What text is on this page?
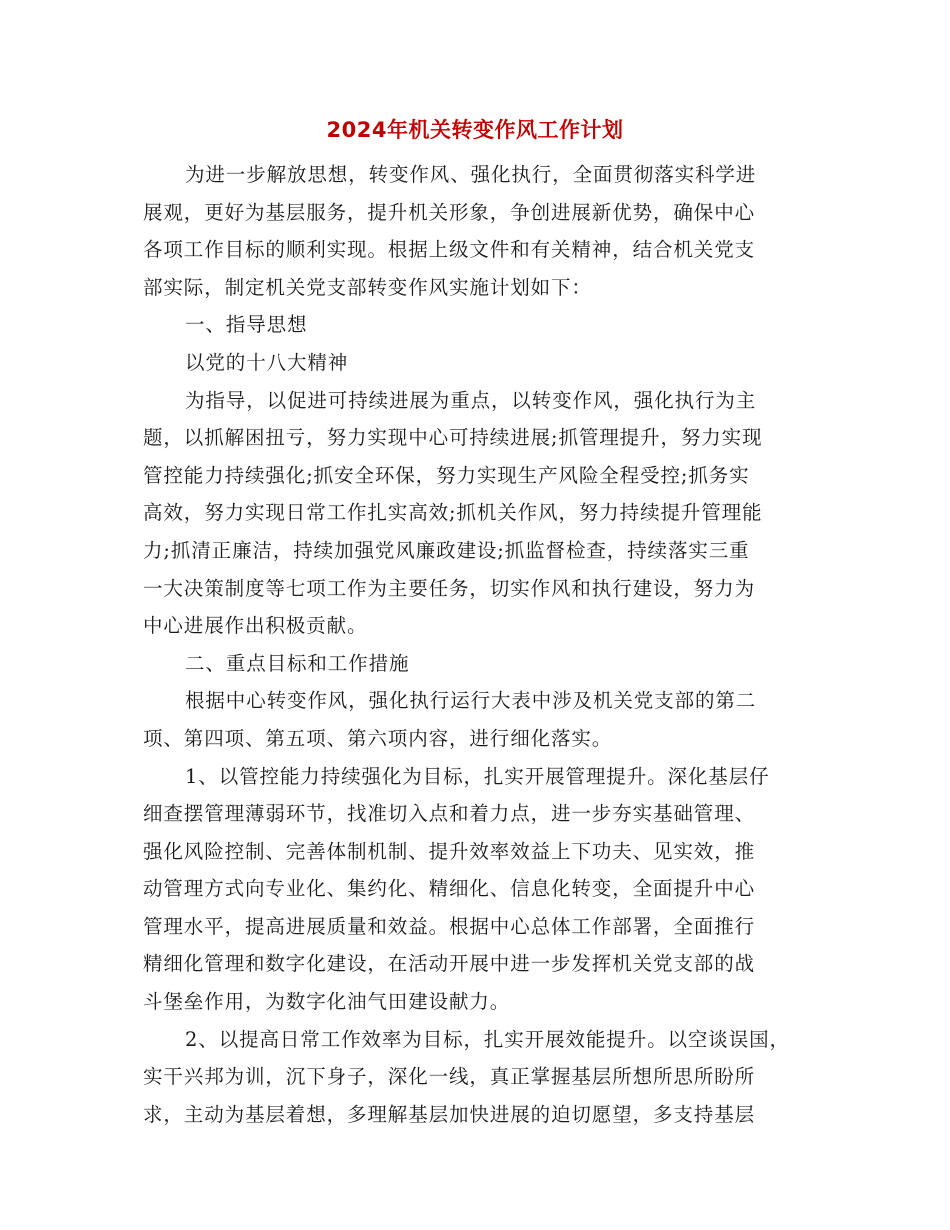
2024年机关转变作风工作计划
为进一步解放思想，转变作风、强化执行，全面贯彻落实科学进
展观，更好为基层服务，提升机关形象，争创进展新优势，确保中心
各项工作目标的顺利实现。根据上级文件和有关精神，结合机关党支
部实际，制定机关党支部转变作风实施计划如下：
一、指导思想
以党的十八大精神
为指导，以促进可持续进展为重点，以转变作风，强化执行为主
题，以抓解困扭亏，努力实现中心可持续进展;抓管理提升，努力实现
管控能力持续强化;抓安全环保，努力实现生产风险全程受控;抓务实
高效，努力实现日常工作扎实高效;抓机关作风，努力持续提升管理能
力;抓清正廉洁，持续加强党风廉政建设;抓监督检查，持续落实三重
一大决策制度等七项工作为主要任务，切实作风和执行建设，努力为
中心进展作出积极贡献。
二、重点目标和工作措施
根据中心转变作风，强化执行运行大表中涉及机关党支部的第二
项、第四项、第五项、第六项内容，进行细化落实。
1、以管控能力持续强化为目标，扎实开展管理提升。深化基层仔
细查摆管理薄弱环节，找准切入点和着力点，进一步夯实基础管理、
强化风险控制、完善体制机制、提升效率效益上下功夫、见实效，推
动管理方式向专业化、集约化、精细化、信息化转变，全面提升中心
管理水平，提高进展质量和效益。根据中心总体工作部署，全面推行
精细化管理和数字化建设，在活动开展中进一步发挥机关党支部的战
斗堡垒作用，为数字化油气田建设献力。
2、以提高日常工作效率为目标，扎实开展效能提升。以空谈误国，
实干兴邦为训，沉下身子，深化一线，真正掌握基层所想所思所盼所
求，主动为基层着想，多理解基层加快进展的迫切愿望，多支持基层
